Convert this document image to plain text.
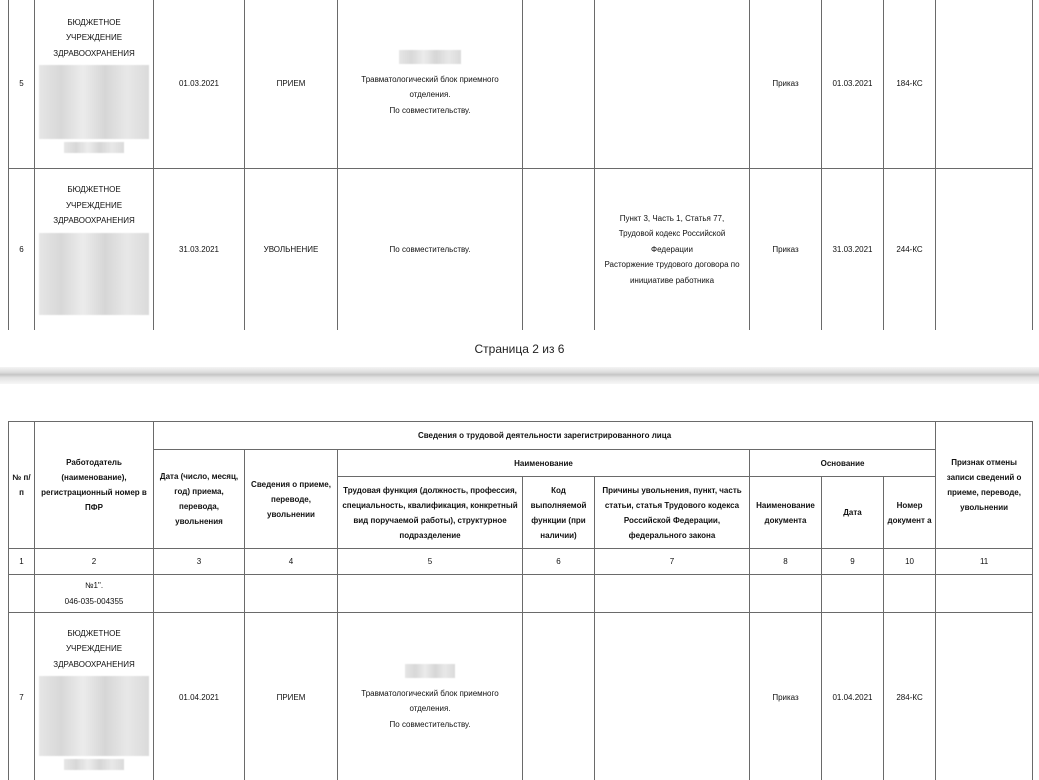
5	БЮДЖЕТНОЕ
УЧРЕЖДЕНИЕ
ЗДРАВООХРАНЕНИЯ	01.03.2021	ПРИЕМ	Травматологический блок приемного
отделения.
По совместительству.			Приказ	01.03.2021	184-КС	
6	БЮДЖЕТНОЕ
УЧРЕЖДЕНИЕ
ЗДРАВООХРАНЕНИЯ	31.03.2021	УВОЛЬНЕНИЕ	По совместительству.		Пункт 3, Часть 1, Статья 77,
Трудовой кодекс Российской
Федерации
Расторжение трудового договора по
инициативе работника	Приказ	31.03.2021	244-КС	
Страница 2 из 6
№ п/п	Работодатель (наименование), регистрационный номер в ПФР	Сведения о трудовой деятельности зарегистрированного лица								Признак отмены записи сведений о приеме, переводе, увольнении
		Дата (число, месяц, год) приема, перевода, увольнения	Сведения о приеме, переводе, увольнении	Наименование			Основание			
				Трудовая функция (должность, профессия, специальность, квалификация, конкретный вид поручаемой работы), структурное подразделение	Код выполняемой функции (при наличии)	Причины увольнения, пункт, часть статьи, статья Трудового кодекса Российской Федерации, федерального закона	Наименование документа	Дата	Номер документ а	
1	2	3	4	5	6	7	8	9	10	11

	№1".
046-035-004355									

7	БЮДЖЕТНОЕ
УЧРЕЖДЕНИЕ
ЗДРАВООХРАНЕНИЯ	01.04.2021	ПРИЕМ	Травматологический блок приемного
отделения.
По совместительству.			Приказ	01.04.2021	284-КС	
